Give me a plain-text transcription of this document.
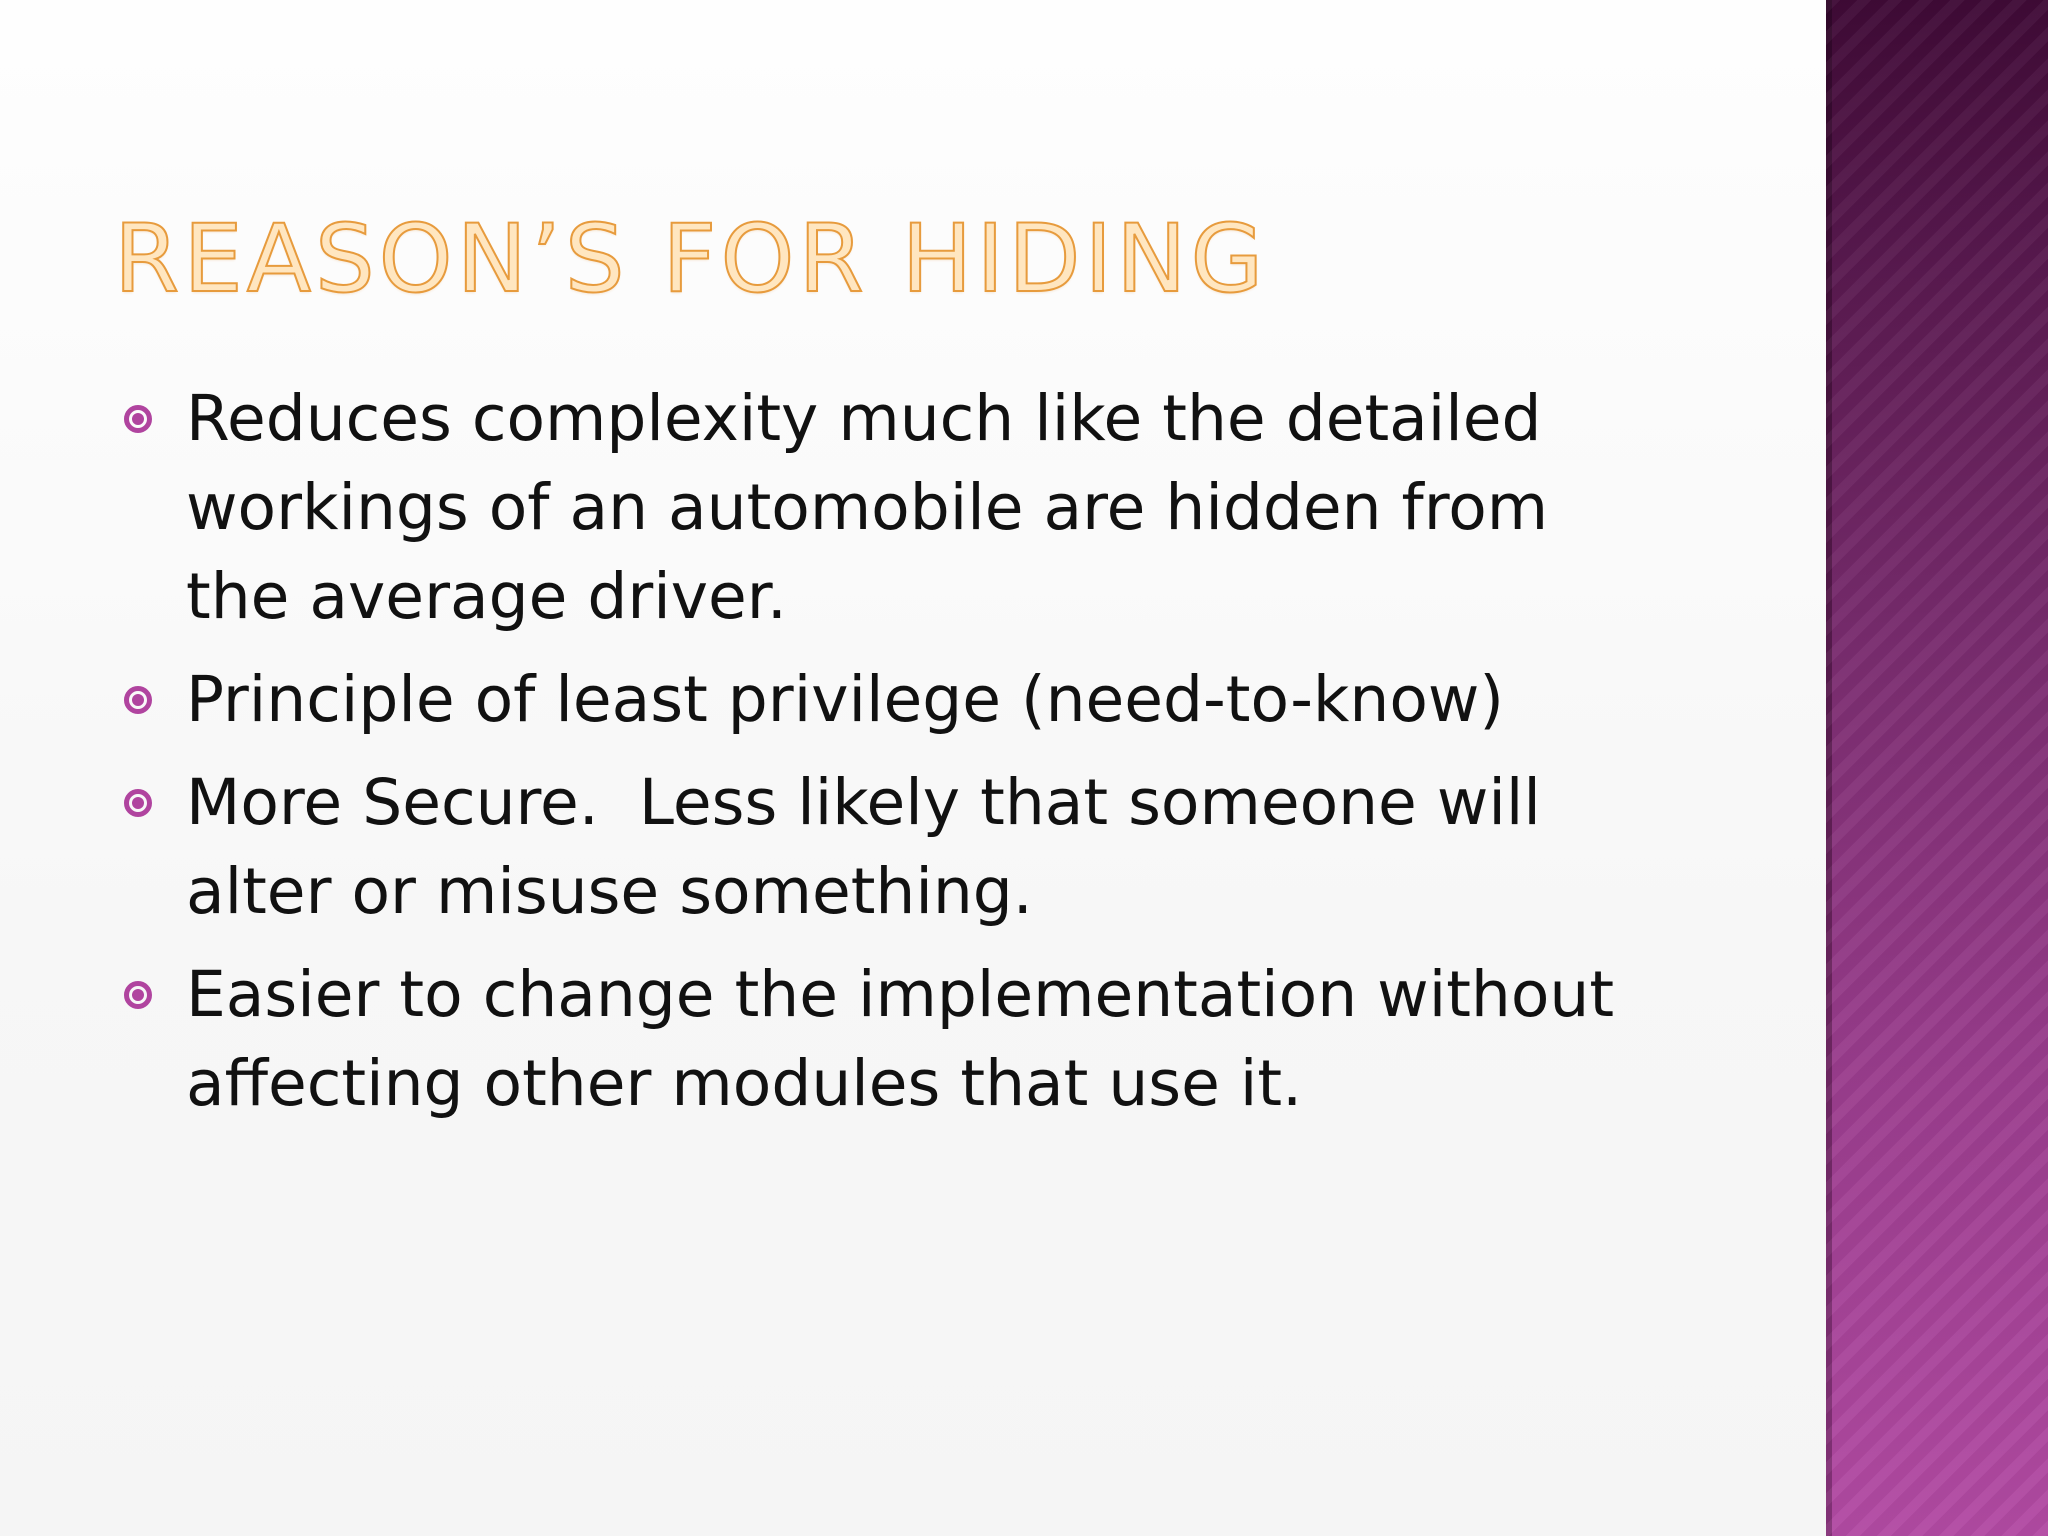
REASON’S FOR HIDING
Reduces complexity much like the detailed
workings of an automobile are hidden from
the average driver.
Principle of least privilege (need-to-know)
More Secure.  Less likely that someone will
alter or misuse something.
Easier to change the implementation without
affecting other modules that use it.
